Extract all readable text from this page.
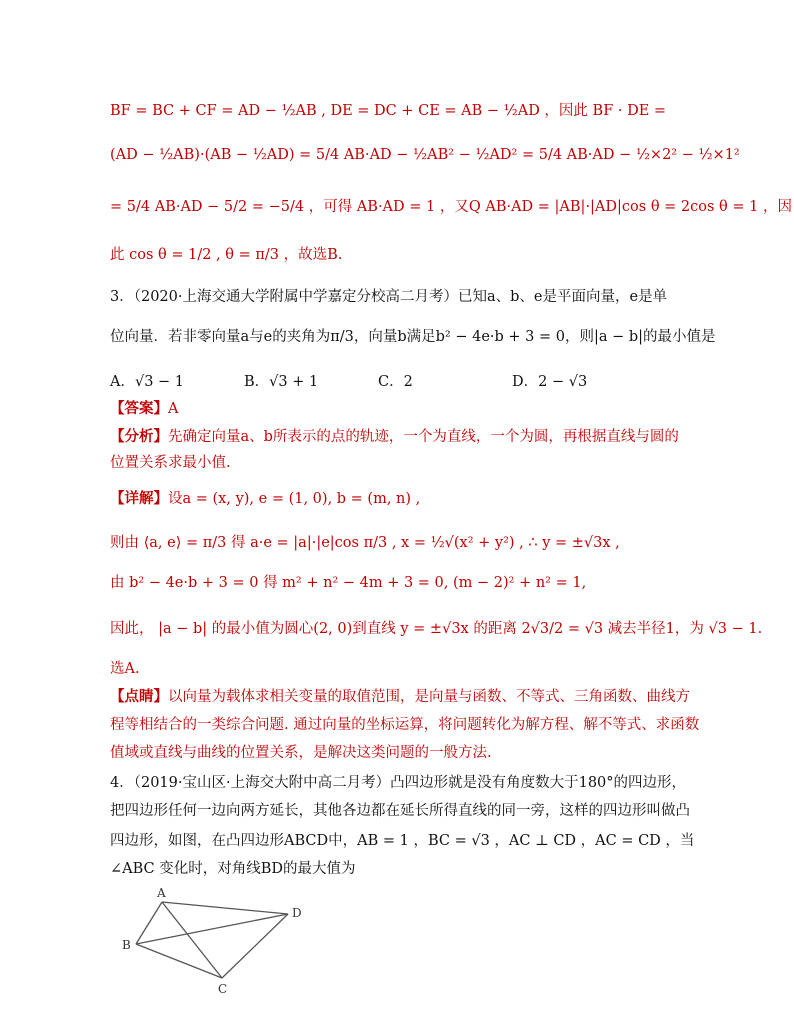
BF = BC + CF = AD − ½AB , DE = DC + CE = AB − ½AD ，因此 BF · DE =
(AD − ½AB)·(AB − ½AD) = 5/4 AB·AD − ½AB² − ½AD² = 5/4 AB·AD − ½×2² − ½×1²
= 5/4 AB·AD − 5/2 = −5/4 ，可得 AB·AD = 1 ，又Q AB·AD = |AB|·|AD|cos θ = 2cos θ = 1 ，因
此 cos θ = 1/2 , θ = π/3 ，故选B.
3．（2020·上海交通大学附属中学嘉定分校高二月考）已知a、b、e是平面向量，e是单
位向量．若非零向量a与e的夹角为π/3，向量b满足b² − 4e·b + 3 = 0，则|a − b|的最小值是
A．√3 − 1	B．√3 + 1	C．2	D．2 − √3
【答案】A
【分析】先确定向量a、b所表示的点的轨迹，一个为直线，一个为圆，再根据直线与圆的
位置关系求最小值.
【详解】设a = (x, y), e = (1, 0), b = (m, n) ,
则由 ⟨a, e⟩ = π/3 得 a·e = |a|·|e|cos π/3 , x = ½√(x² + y²) , ∴ y = ±√3x ,
由 b² − 4e·b + 3 = 0 得 m² + n² − 4m + 3 = 0, (m − 2)² + n² = 1,
因此， |a − b| 的最小值为圆心(2, 0)到直线 y = ±√3x 的距离 2√3/2 = √3 减去半径1，为 √3 − 1.
选A.
【点睛】以向量为载体求相关变量的取值范围，是向量与函数、不等式、三角函数、曲线方
程等相结合的一类综合问题. 通过向量的坐标运算，将问题转化为解方程、解不等式、求函数
值域或直线与曲线的位置关系，是解决这类问题的一般方法.
4．（2019·宝山区·上海交大附中高二月考）凸四边形就是没有角度数大于180°的四边形，
把四边形任何一边向两方延长，其他各边都在延长所得直线的同一旁，这样的四边形叫做凸
四边形，如图，在凸四边形ABCD中，AB = 1 ，BC = √3 ，AC ⊥ CD ，AC = CD ，当
∠ABC 变化时，对角线BD的最大值为
A
D
B
C
